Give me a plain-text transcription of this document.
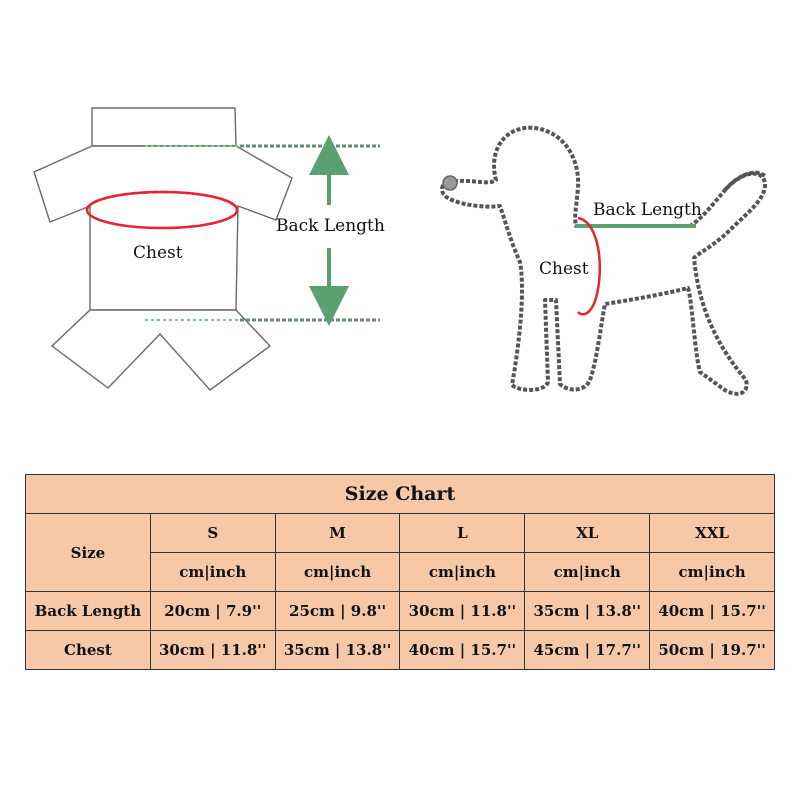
Back Length
Chest
Back Length
Chest
Size Chart					
Size	S	M	L	XL	XXL
	cm|inch	cm|inch	cm|inch	cm|inch	cm|inch
Back Length	20cm | 7.9''	25cm | 9.8''	30cm | 11.8''	35cm | 13.8''	40cm | 15.7''
Chest	30cm | 11.8''	35cm | 13.8''	40cm | 15.7''	45cm | 17.7''	50cm | 19.7''
